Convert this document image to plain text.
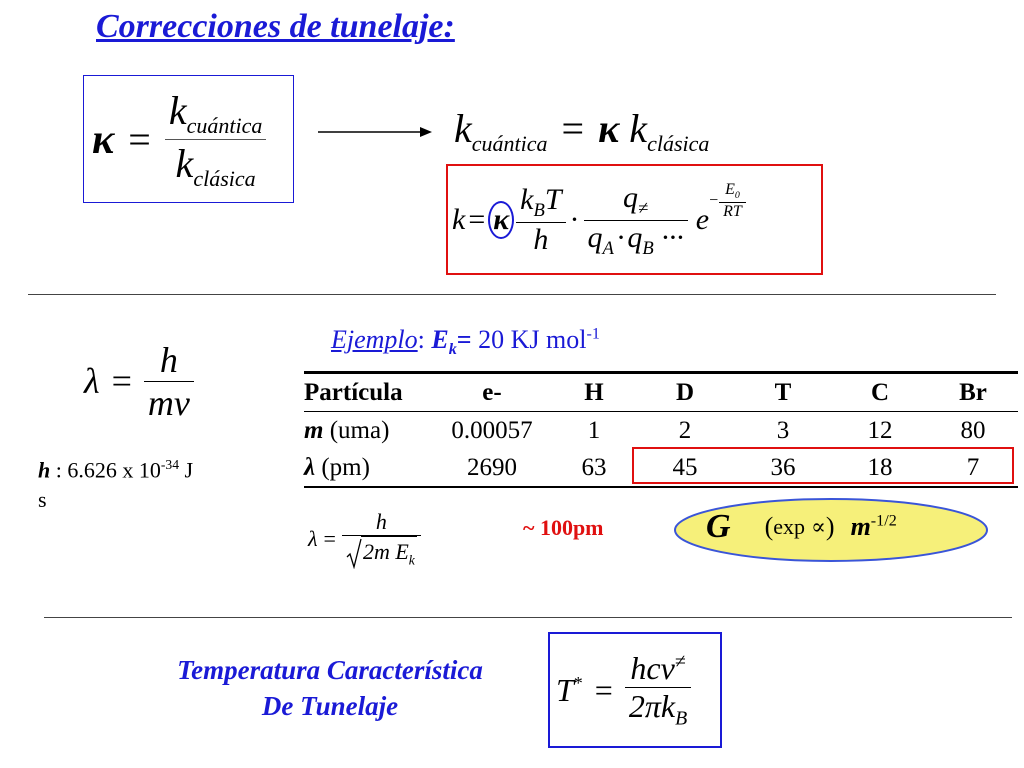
Correcciones de tunelaje:
$\kappa = \frac{k_{cuántica}}{k_{clásica}}$	$k_{cuántica} = \kappa$ $k_{clásica}$
k = κ $\frac{k_BT}{h} \cdot \frac{q_\ne}{q_A \cdot q_B \cdot\cdot\cdot}$ e
− $\frac{E_0}{RT}$
$\lambda = \frac{h}{m\nu}$
h : 6.626 x $10^{-34}$ J
s
Ejemplo: $E_k= 20$ KJ mol$^{-1}$
Partícula	e-	H	D	T	C	Br
m (uma)	0.00057	1	2	3	12	80
λ (pm)	2690	63	45	36	18	7
$\lambda = \frac{h}{2m E_k}$	~ 100pm	G ( exp ∝ ) $m^{-1/2}$
Temperatura Característica
De Tunelaje	$T^* = \frac{hc\nu^\ne}{2\pi k_B}$
